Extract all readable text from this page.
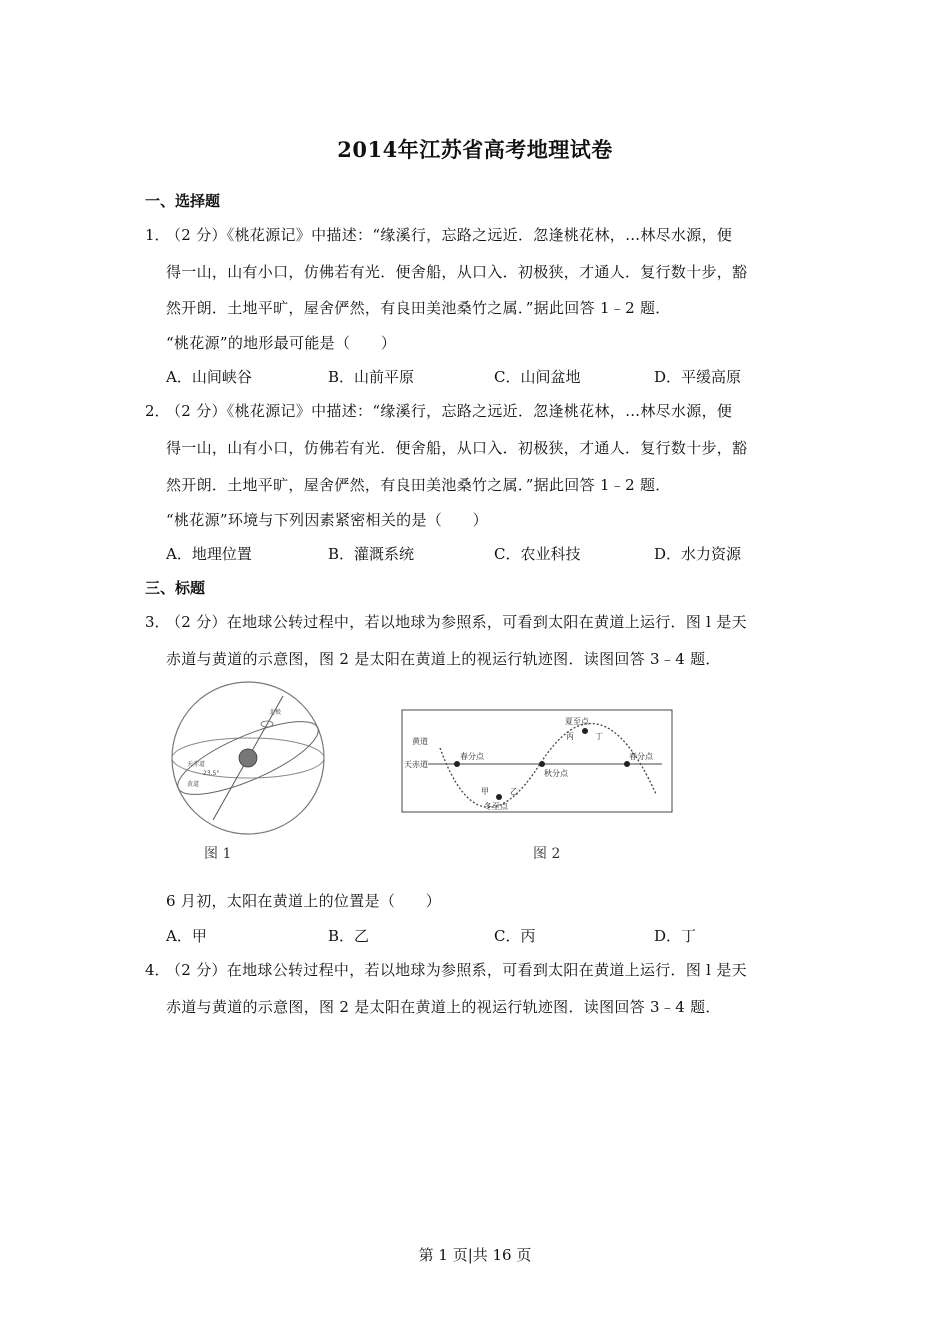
2014年江苏省高考地理试卷
一、选择题
1．
（2 分）《桃花源记》中描述：“缘溪行，忘路之远近．忽逢桃花林，…林尽水源，便
得一山，山有小口，仿佛若有光．便舍船，从口入．初极狭，才通人．复行数十步，豁
然开朗．土地平旷，屋舍俨然，有良田美池桑竹之属．”据此回答 1﹣2 题．
“桃花源”的地形最可能是（　　）
A．山间峡谷	B．山前平原	C．山间盆地	D．平缓高原
2．
（2 分）《桃花源记》中描述：“缘溪行，忘路之远近．忽逢桃花林，…林尽水源，便
得一山，山有小口，仿佛若有光．便舍船，从口入．初极狭，才通人．复行数十步，豁
然开朗．土地平旷，屋舍俨然，有良田美池桑竹之属．”据此回答 1﹣2 题．
“桃花源”环境与下列因素紧密相关的是（　　）
A．地理位置	B．灌溉系统	C．农业科技	D．水力资源
三、标题
3．
（2 分）在地球公转过程中，若以地球为参照系，可看到太阳在黄道上运行．图 l 是天
赤道与黄道的示意图，图 2 是太阳在黄道上的视运行轨迹图．读图回答 3﹣4 题．
天赤道
黄道
23.5°
北极
图 1
黄道
天赤道
春分点
夏至点
秋分点
春分点
冬至点
甲	乙
丙	丁
图 2
6 月初，太阳在黄道上的位置是（　　）
A．甲	B．乙	C．丙	D．丁
4．
（2 分）在地球公转过程中，若以地球为参照系，可看到太阳在黄道上运行．图 l 是天
赤道与黄道的示意图，图 2 是太阳在黄道上的视运行轨迹图．读图回答 3﹣4 题．
第 1 页|共 16 页
